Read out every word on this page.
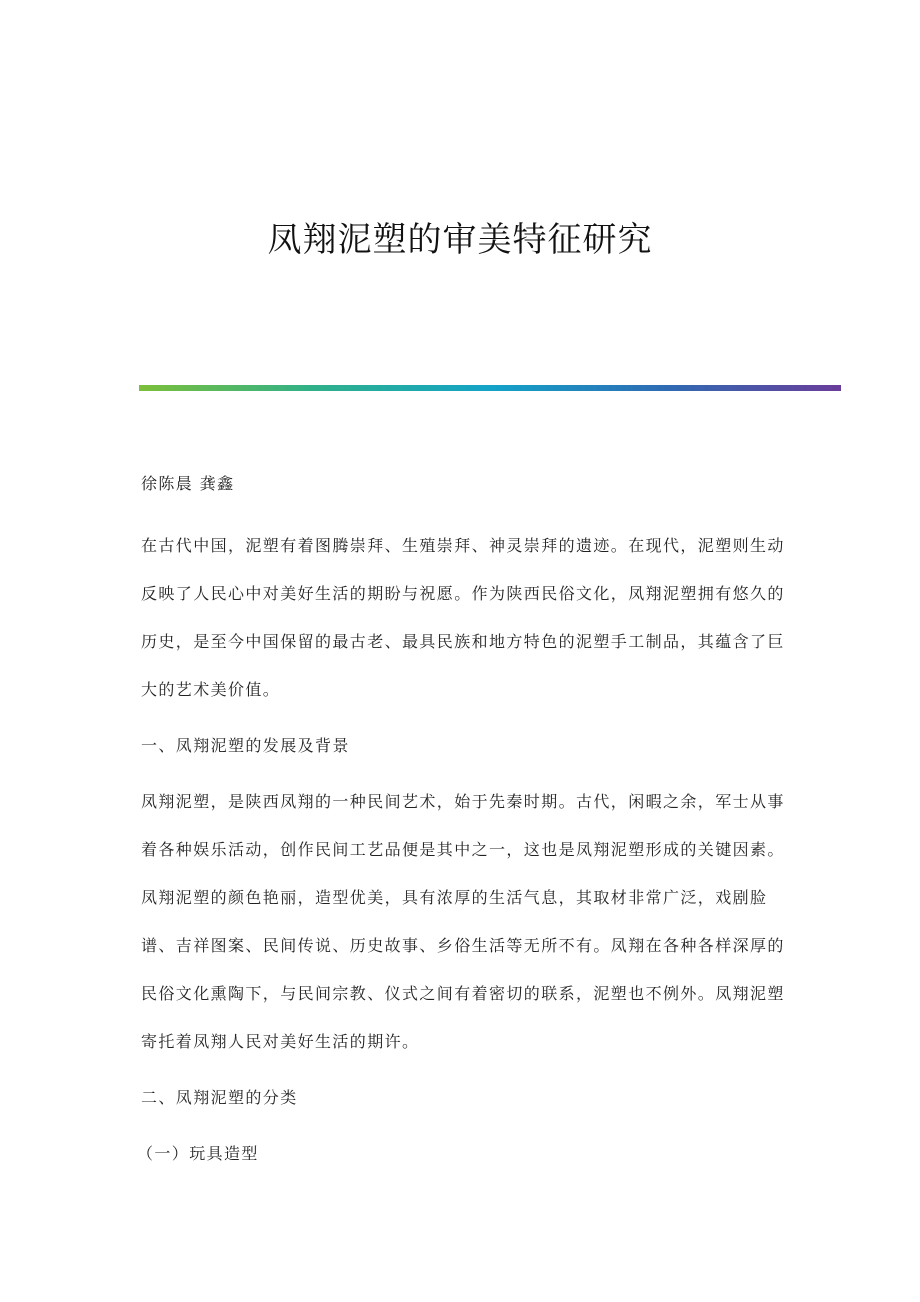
凤翔泥塑的审美特征研究

徐陈晨 龚鑫

在古代中国，泥塑有着图腾崇拜、生殖崇拜、神灵崇拜的遗迹。在现代，泥塑则生动反映了人民心中对美好生活的期盼与祝愿。作为陕西民俗文化，凤翔泥塑拥有悠久的历史，是至今中国保留的最古老、最具民族和地方特色的泥塑手工制品，其蕴含了巨大的艺术美价值。

一、凤翔泥塑的发展及背景

凤翔泥塑，是陕西凤翔的一种民间艺术，始于先秦时期。古代，闲暇之余，军士从事着各种娱乐活动，创作民间工艺品便是其中之一，这也是凤翔泥塑形成的关键因素。凤翔泥塑的颜色艳丽，造型优美，具有浓厚的生活气息，其取材非常广泛，戏剧脸谱、吉祥图案、民间传说、历史故事、乡俗生活等无所不有。凤翔在各种各样深厚的民俗文化熏陶下，与民间宗教、仪式之间有着密切的联系，泥塑也不例外。凤翔泥塑寄托着凤翔人民对美好生活的期许。

二、凤翔泥塑的分类

（一）玩具造型
